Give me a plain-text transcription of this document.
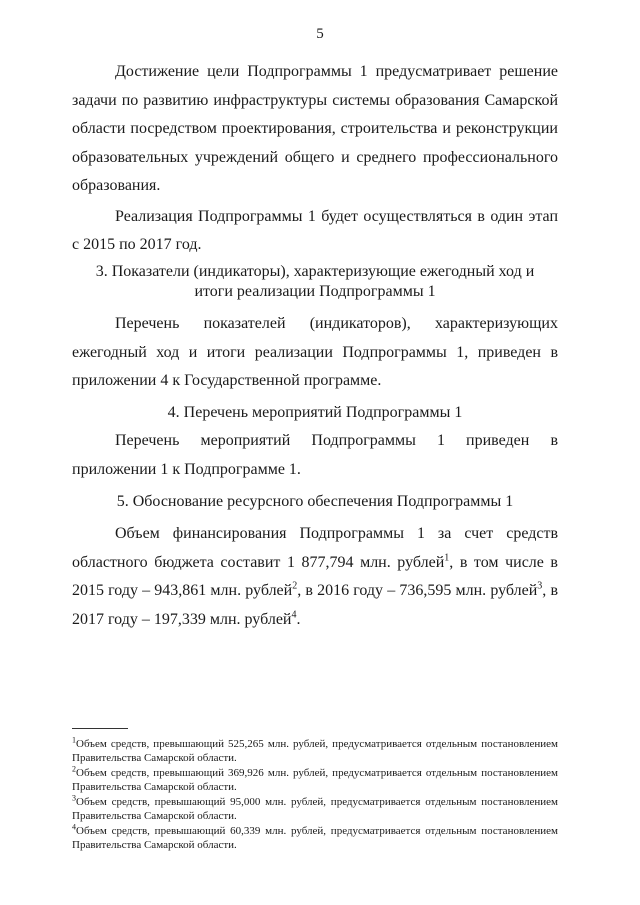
5

Достижение цели Подпрограммы 1 предусматривает решение задачи по развитию инфраструктуры системы образования Самарской области посредством проектирования, строительства и реконструкции образовательных учреждений общего и среднего профессионального образования.

Реализация Подпрограммы 1 будет осуществляться в один этап с 2015 по 2017 год.

3. Показатели (индикаторы), характеризующие ежегодный ход и
итоги реализации Подпрограммы 1

Перечень показателей (индикаторов), характеризующих ежегодный ход и итоги реализации Подпрограммы 1, приведен в приложении 4 к Государственной программе.

4. Перечень мероприятий Подпрограммы 1

Перечень мероприятий Подпрограммы 1 приведен в приложении 1 к Подпрограмме 1.

5. Обоснование ресурсного обеспечения Подпрограммы 1

Объем финансирования Подпрограммы 1 за счет средств областного бюджета составит 1 877,794 млн. рублей$^1$, в том числе в 2015 году – 943,861 млн. рублей$^2$, в 2016 году – 736,595 млн. рублей$^3$, в 2017 году – 197,339 млн. рублей$^4$.

$^1$Объем средств, превышающий 525,265 млн. рублей, предусматривается отдельным постановлением Правительства Самарской области.

$^2$Объем средств, превышающий 369,926 млн. рублей, предусматривается отдельным постановлением Правительства Самарской области.

$^3$Объем средств, превышающий 95,000 млн. рублей, предусматривается отдельным постановлением Правительства Самарской области.

$^4$Объем средств, превышающий 60,339 млн. рублей, предусматривается отдельным постановлением Правительства Самарской области.
